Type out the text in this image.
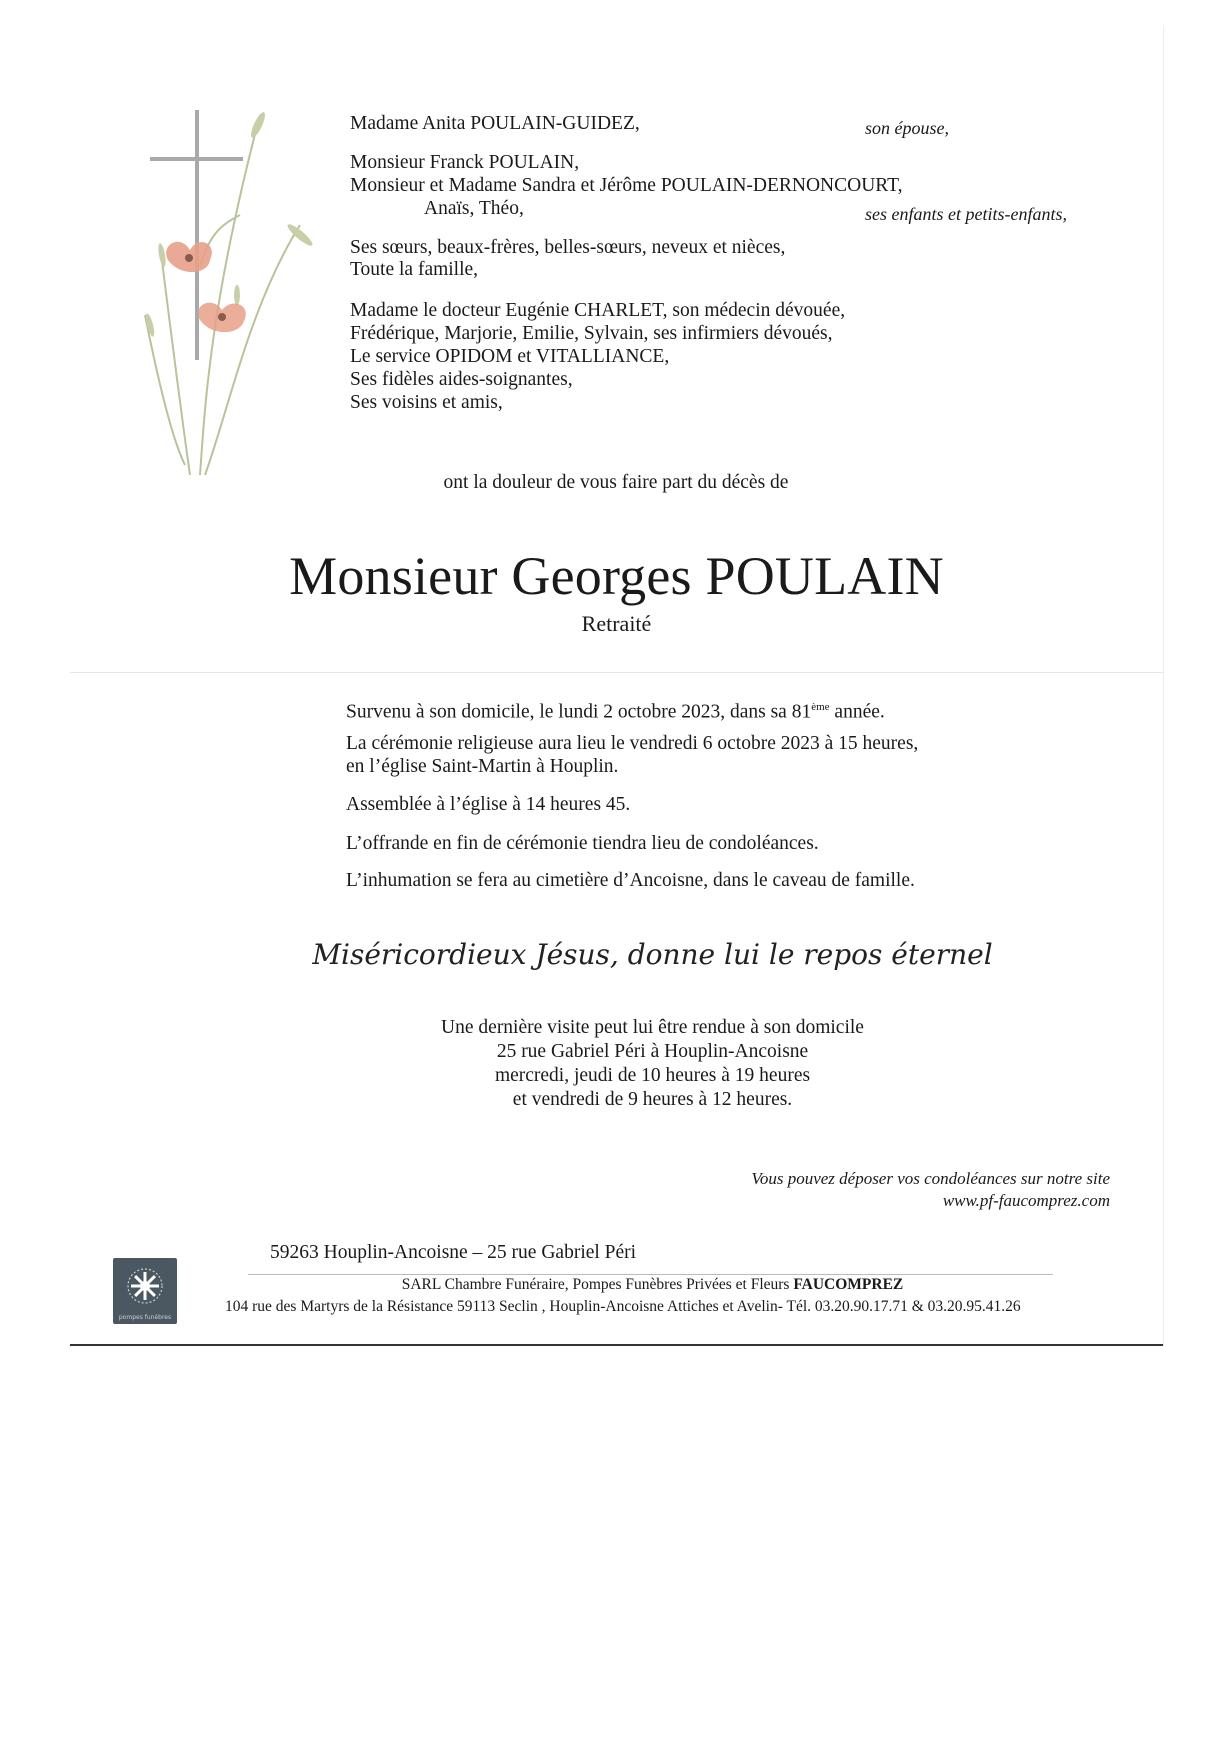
Madame Anita POULAIN-GUIDEZ,	son épouse,
Monsieur Franck POULAIN,
Monsieur et Madame Sandra et Jérôme POULAIN-DERNONCOURT,
Anaïs, Théo,	ses enfants et petits-enfants,
Ses sœurs, beaux-frères, belles-sœurs, neveux et nièces,
Toute la famille,
Madame le docteur Eugénie CHARLET, son médecin dévouée,
Frédérique, Marjorie, Emilie, Sylvain, ses infirmiers dévoués,
Le service OPIDOM et VITALLIANCE,
Ses fidèles aides-soignantes,
Ses voisins et amis,
ont la douleur de vous faire part du décès de
Monsieur Georges POULAIN
Retraité
Survenu à son domicile, le lundi 2 octobre 2023, dans sa 81ème année.
La cérémonie religieuse aura lieu le vendredi 6 octobre 2023 à 15 heures,
en l’église Saint-Martin à Houplin.
Assemblée à l’église à 14 heures 45.
L’offrande en fin de cérémonie tiendra lieu de condoléances.
L’inhumation se fera au cimetière d’Ancoisne, dans le caveau de famille.
Miséricordieux Jésus, donne lui le repos éternel
Une dernière visite peut lui être rendue à son domicile
25 rue Gabriel Péri à Houplin-Ancoisne
mercredi, jeudi de 10 heures à 19 heures
et vendredi de 9 heures à 12 heures.
Vous pouvez déposer vos condoléances sur notre site
www.pf-faucomprez.com
59263 Houplin-Ancoisne – 25 rue Gabriel Péri
pompes funèbres
SARL Chambre Funéraire, Pompes Funèbres Privées et Fleurs FAUCOMPREZ
104 rue des Martyrs de la Résistance 59113 Seclin , Houplin-Ancoisne Attiches et Avelin- Tél. 03.20.90.17.71 & 03.20.95.41.26
